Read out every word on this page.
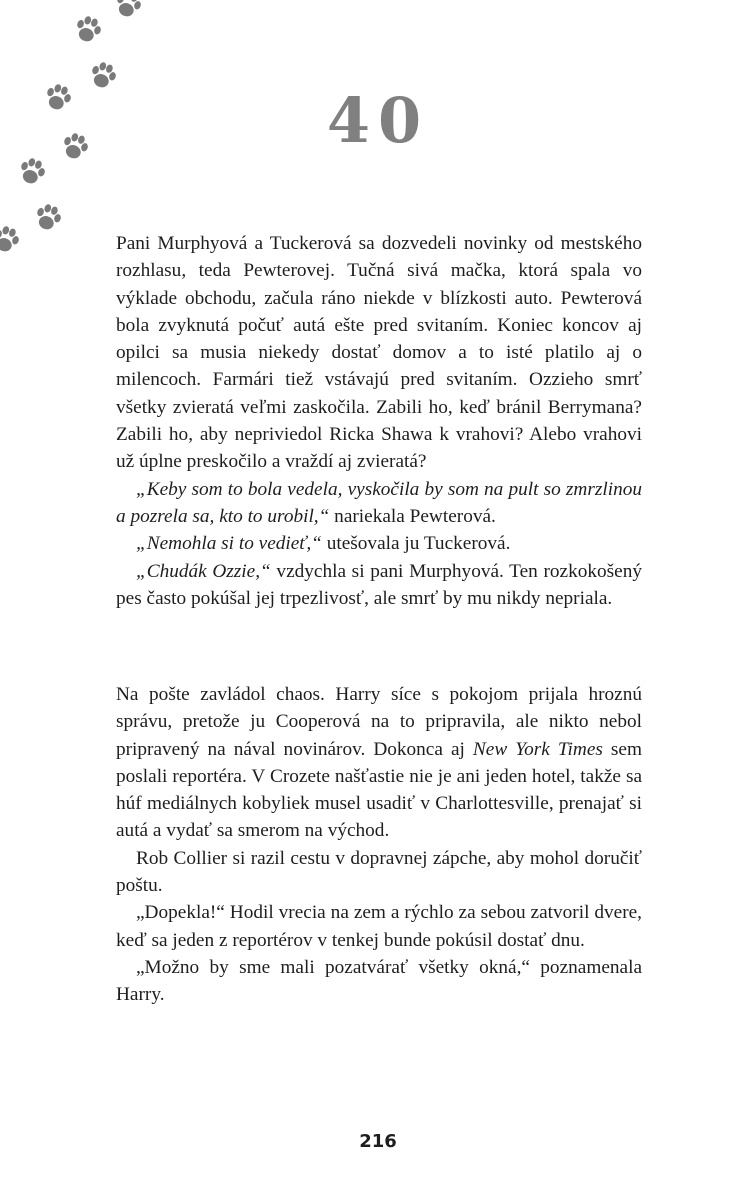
40

Pani Murphyová a Tuckerová sa dozvedeli novinky od mestského rozhlasu, teda Pewterovej. Tučná sivá mačka, ktorá spala vo výklade obchodu, začula ráno niekde v blízkosti auto. Pewterová bola zvyknutá počuť autá ešte pred svitaním. Koniec koncov aj opilci sa musia niekedy dostať domov a to isté platilo aj o milencoch. Farmári tiež vstávajú pred svitaním. Ozzieho smrť všetky zvieratá veľmi zaskočila. Zabili ho, keď bránil Berrymana? Zabili ho, aby nepriviedol Ricka Shawa k vrahovi? Alebo vrahovi už úplne preskočilo a vraždí aj zvieratá?

„Keby som to bola vedela, vyskočila by som na pult so zmrzlinou a pozrela sa, kto to urobil,“ nariekala Pewterová.

„Nemohla si to vedieť,“ utešovala ju Tuckerová.

„Chudák Ozzie,“ vzdychla si pani Murphyová. Ten rozkokošený pes často pokúšal jej trpezlivosť, ale smrť by mu nikdy nepriala.

Na pošte zavládol chaos. Harry síce s pokojom prijala hroznú správu, pretože ju Cooperová na to pripravila, ale nikto nebol pripravený na nával novinárov. Dokonca aj New York Times sem poslali reportéra. V Crozete našťastie nie je ani jeden hotel, takže sa húf mediálnych kobyliek musel usadiť v Charlottesville, prenajať si autá a vydať sa smerom na východ.

Rob Collier si razil cestu v dopravnej zápche, aby mohol doručiť poštu.

„Dopekla!“ Hodil vrecia na zem a rýchlo za sebou zatvoril dvere, keď sa jeden z reportérov v tenkej bunde pokúsil dostať dnu.

„Možno by sme mali pozatvárať všetky okná,“ poznamenala Harry.

216
